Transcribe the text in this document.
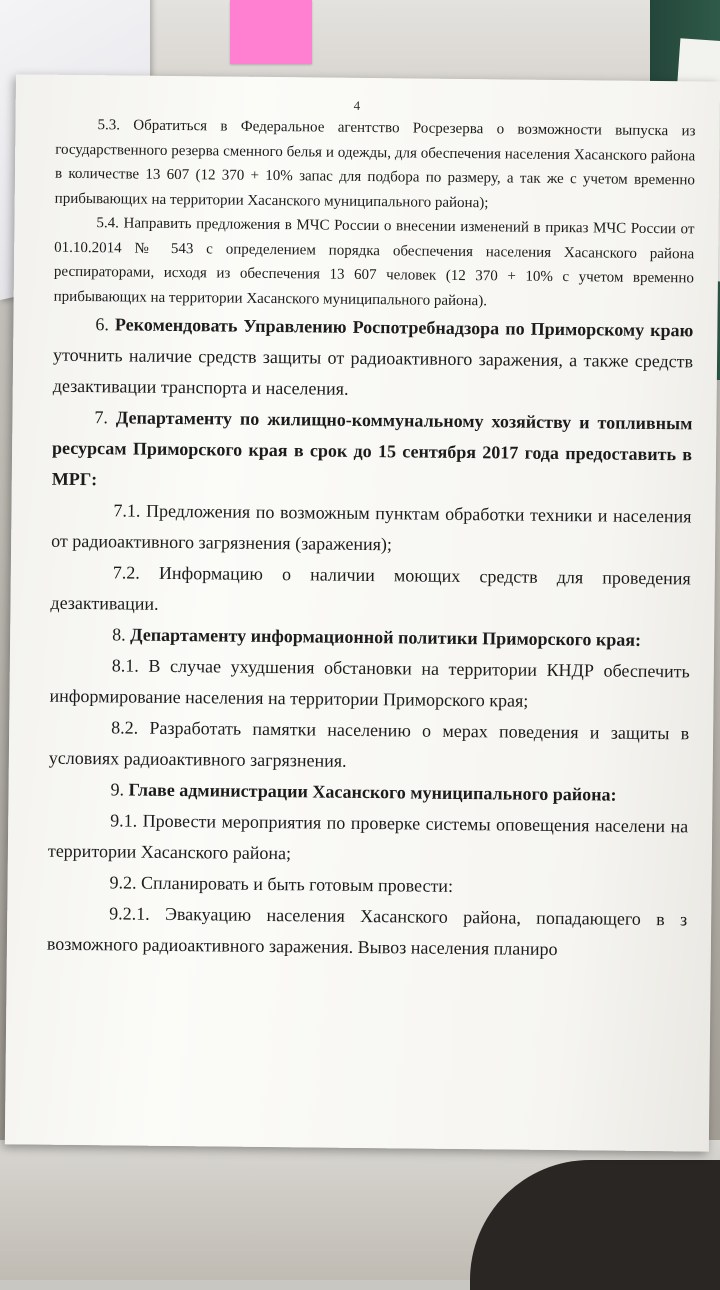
4

5.3. Обратиться в Федеральное агентство Росрезерва о возможности выпуска из государственного резерва сменного белья и одежды, для обеспечения населения Хасанского района в количестве 13 607 (12 370 + 10% запас для подбора по размеру, а так же с учетом временно прибывающих на территории Хасанского муниципального района);

5.4. Направить предложения в МЧС России о внесении изменений в приказ МЧС России от 01.10.2014 № 543 с определением порядка обеспечения населения Хасанского района респираторами, исходя из обеспечения 13 607 человек (12 370 + 10% с учетом временно прибывающих на территории Хасанского муниципального района).

6. Рекомендовать Управлению Роспотребнадзора по Приморскому краю уточнить наличие средств защиты от радиоактивного заражения, а также средств дезактивации транспорта и населения.

7. Департаменту по жилищно-коммунальному хозяйству и топливным ресурсам Приморского края в срок до 15 сентября 2017 года предоставить в МРГ:

7.1. Предложения по возможным пунктам обработки техники и населения от радиоактивного загрязнения (заражения);

7.2. Информацию о наличии моющих средств для проведения дезактивации.

8. Департаменту информационной политики Приморского края:

8.1. В случае ухудшения обстановки на территории КНДР обеспечить информирование населения на территории Приморского края;

8.2. Разработать памятки населению о мерах поведения и защиты в условиях радиоактивного загрязнения.

9. Главе администрации Хасанского муниципального района:

9.1. Провести мероприятия по проверке системы оповещения населени на территории Хасанского района;

9.2. Спланировать и быть готовым провести:

9.2.1. Эвакуацию населения Хасанского района, попадающего в з возможного радиоактивного заражения. Вывоз населения планиро
